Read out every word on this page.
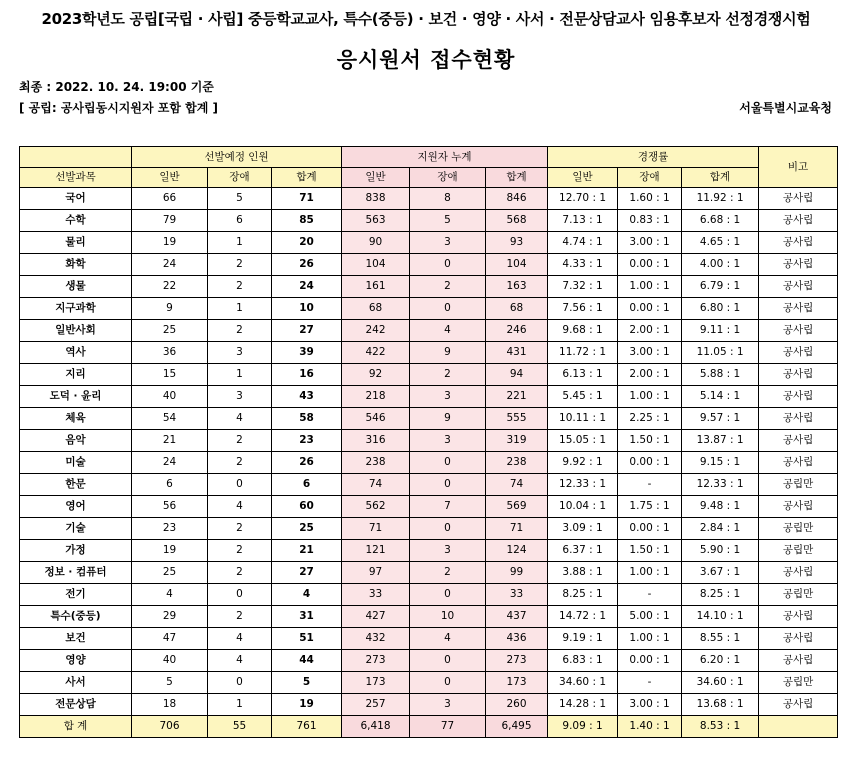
2023학년도 공립[국립 · 사립] 중등학교교사, 특수(중등) · 보건 · 영양 · 사서 · 전문상담교사 임용후보자 선정경쟁시험
응시원서 접수현황
최종 : 2022. 10. 24. 19:00 기준
[ 공립: 공사립동시지원자 포함 합계 ]	서울특별시교육청
	선발예정 인원			지원자 누계			경쟁률			비고
선발과목	일반	장애	합계	일반	장애	합계	일반	장애	합계	
국어	66	5	71	838	8	846	12.70 : 1	1.60 : 1	11.92 : 1	공사립
수학	79	6	85	563	5	568	7.13 : 1	0.83 : 1	6.68 : 1	공사립
물리	19	1	20	90	3	93	4.74 : 1	3.00 : 1	4.65 : 1	공사립
화학	24	2	26	104	0	104	4.33 : 1	0.00 : 1	4.00 : 1	공사립
생물	22	2	24	161	2	163	7.32 : 1	1.00 : 1	6.79 : 1	공사립
지구과학	9	1	10	68	0	68	7.56 : 1	0.00 : 1	6.80 : 1	공사립
일반사회	25	2	27	242	4	246	9.68 : 1	2.00 : 1	9.11 : 1	공사립
역사	36	3	39	422	9	431	11.72 : 1	3.00 : 1	11.05 : 1	공사립
지리	15	1	16	92	2	94	6.13 : 1	2.00 : 1	5.88 : 1	공사립
도덕 · 윤리	40	3	43	218	3	221	5.45 : 1	1.00 : 1	5.14 : 1	공사립
체육	54	4	58	546	9	555	10.11 : 1	2.25 : 1	9.57 : 1	공사립
음악	21	2	23	316	3	319	15.05 : 1	1.50 : 1	13.87 : 1	공사립
미술	24	2	26	238	0	238	9.92 : 1	0.00 : 1	9.15 : 1	공사립
한문	6	0	6	74	0	74	12.33 : 1	-	12.33 : 1	공립만
영어	56	4	60	562	7	569	10.04 : 1	1.75 : 1	9.48 : 1	공사립
기술	23	2	25	71	0	71	3.09 : 1	0.00 : 1	2.84 : 1	공립만
가정	19	2	21	121	3	124	6.37 : 1	1.50 : 1	5.90 : 1	공립만
정보 · 컴퓨터	25	2	27	97	2	99	3.88 : 1	1.00 : 1	3.67 : 1	공사립
전기	4	0	4	33	0	33	8.25 : 1	-	8.25 : 1	공립만
특수(중등)	29	2	31	427	10	437	14.72 : 1	5.00 : 1	14.10 : 1	공사립
보건	47	4	51	432	4	436	9.19 : 1	1.00 : 1	8.55 : 1	공사립
영양	40	4	44	273	0	273	6.83 : 1	0.00 : 1	6.20 : 1	공사립
사서	5	0	5	173	0	173	34.60 : 1	-	34.60 : 1	공립만
전문상담	18	1	19	257	3	260	14.28 : 1	3.00 : 1	13.68 : 1	공사립
합 계	706	55	761	6,418	77	6,495	9.09 : 1	1.40 : 1	8.53 : 1	
